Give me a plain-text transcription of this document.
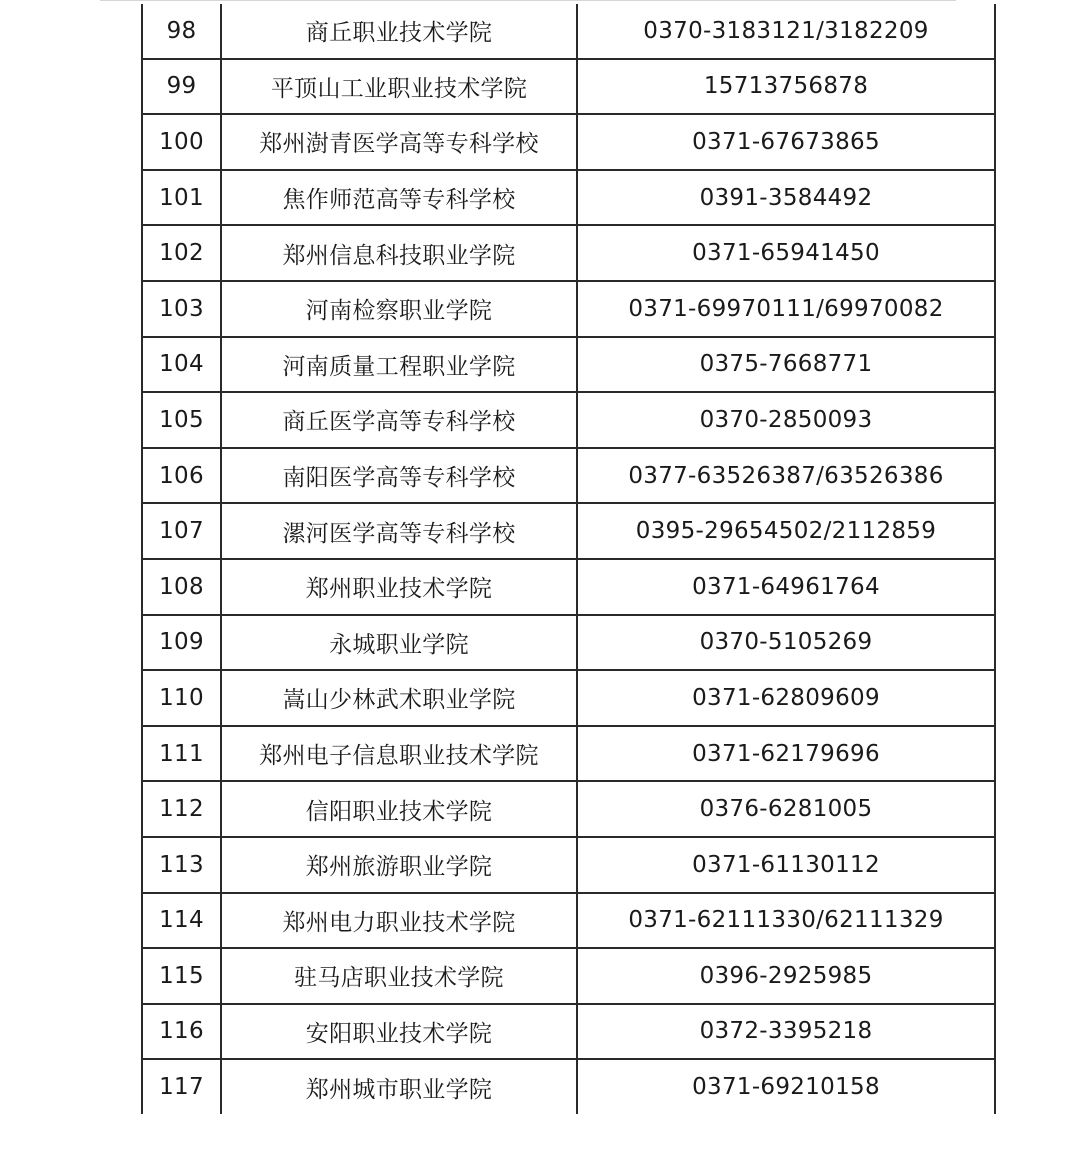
98	商丘职业技术学院	0370-3183121/3182209
99	平顶山工业职业技术学院	15713756878
100	郑州澍青医学高等专科学校	0371-67673865
101	焦作师范高等专科学校	0391-3584492
102	郑州信息科技职业学院	0371-65941450
103	河南检察职业学院	0371-69970111/69970082
104	河南质量工程职业学院	0375-7668771
105	商丘医学高等专科学校	0370-2850093
106	南阳医学高等专科学校	0377-63526387/63526386
107	漯河医学高等专科学校	0395-29654502/2112859
108	郑州职业技术学院	0371-64961764
109	永城职业学院	0370-5105269
110	嵩山少林武术职业学院	0371-62809609
111	郑州电子信息职业技术学院	0371-62179696
112	信阳职业技术学院	0376-6281005
113	郑州旅游职业学院	0371-61130112
114	郑州电力职业技术学院	0371-62111330/62111329
115	驻马店职业技术学院	0396-2925985
116	安阳职业技术学院	0372-3395218
117	郑州城市职业学院	0371-69210158
